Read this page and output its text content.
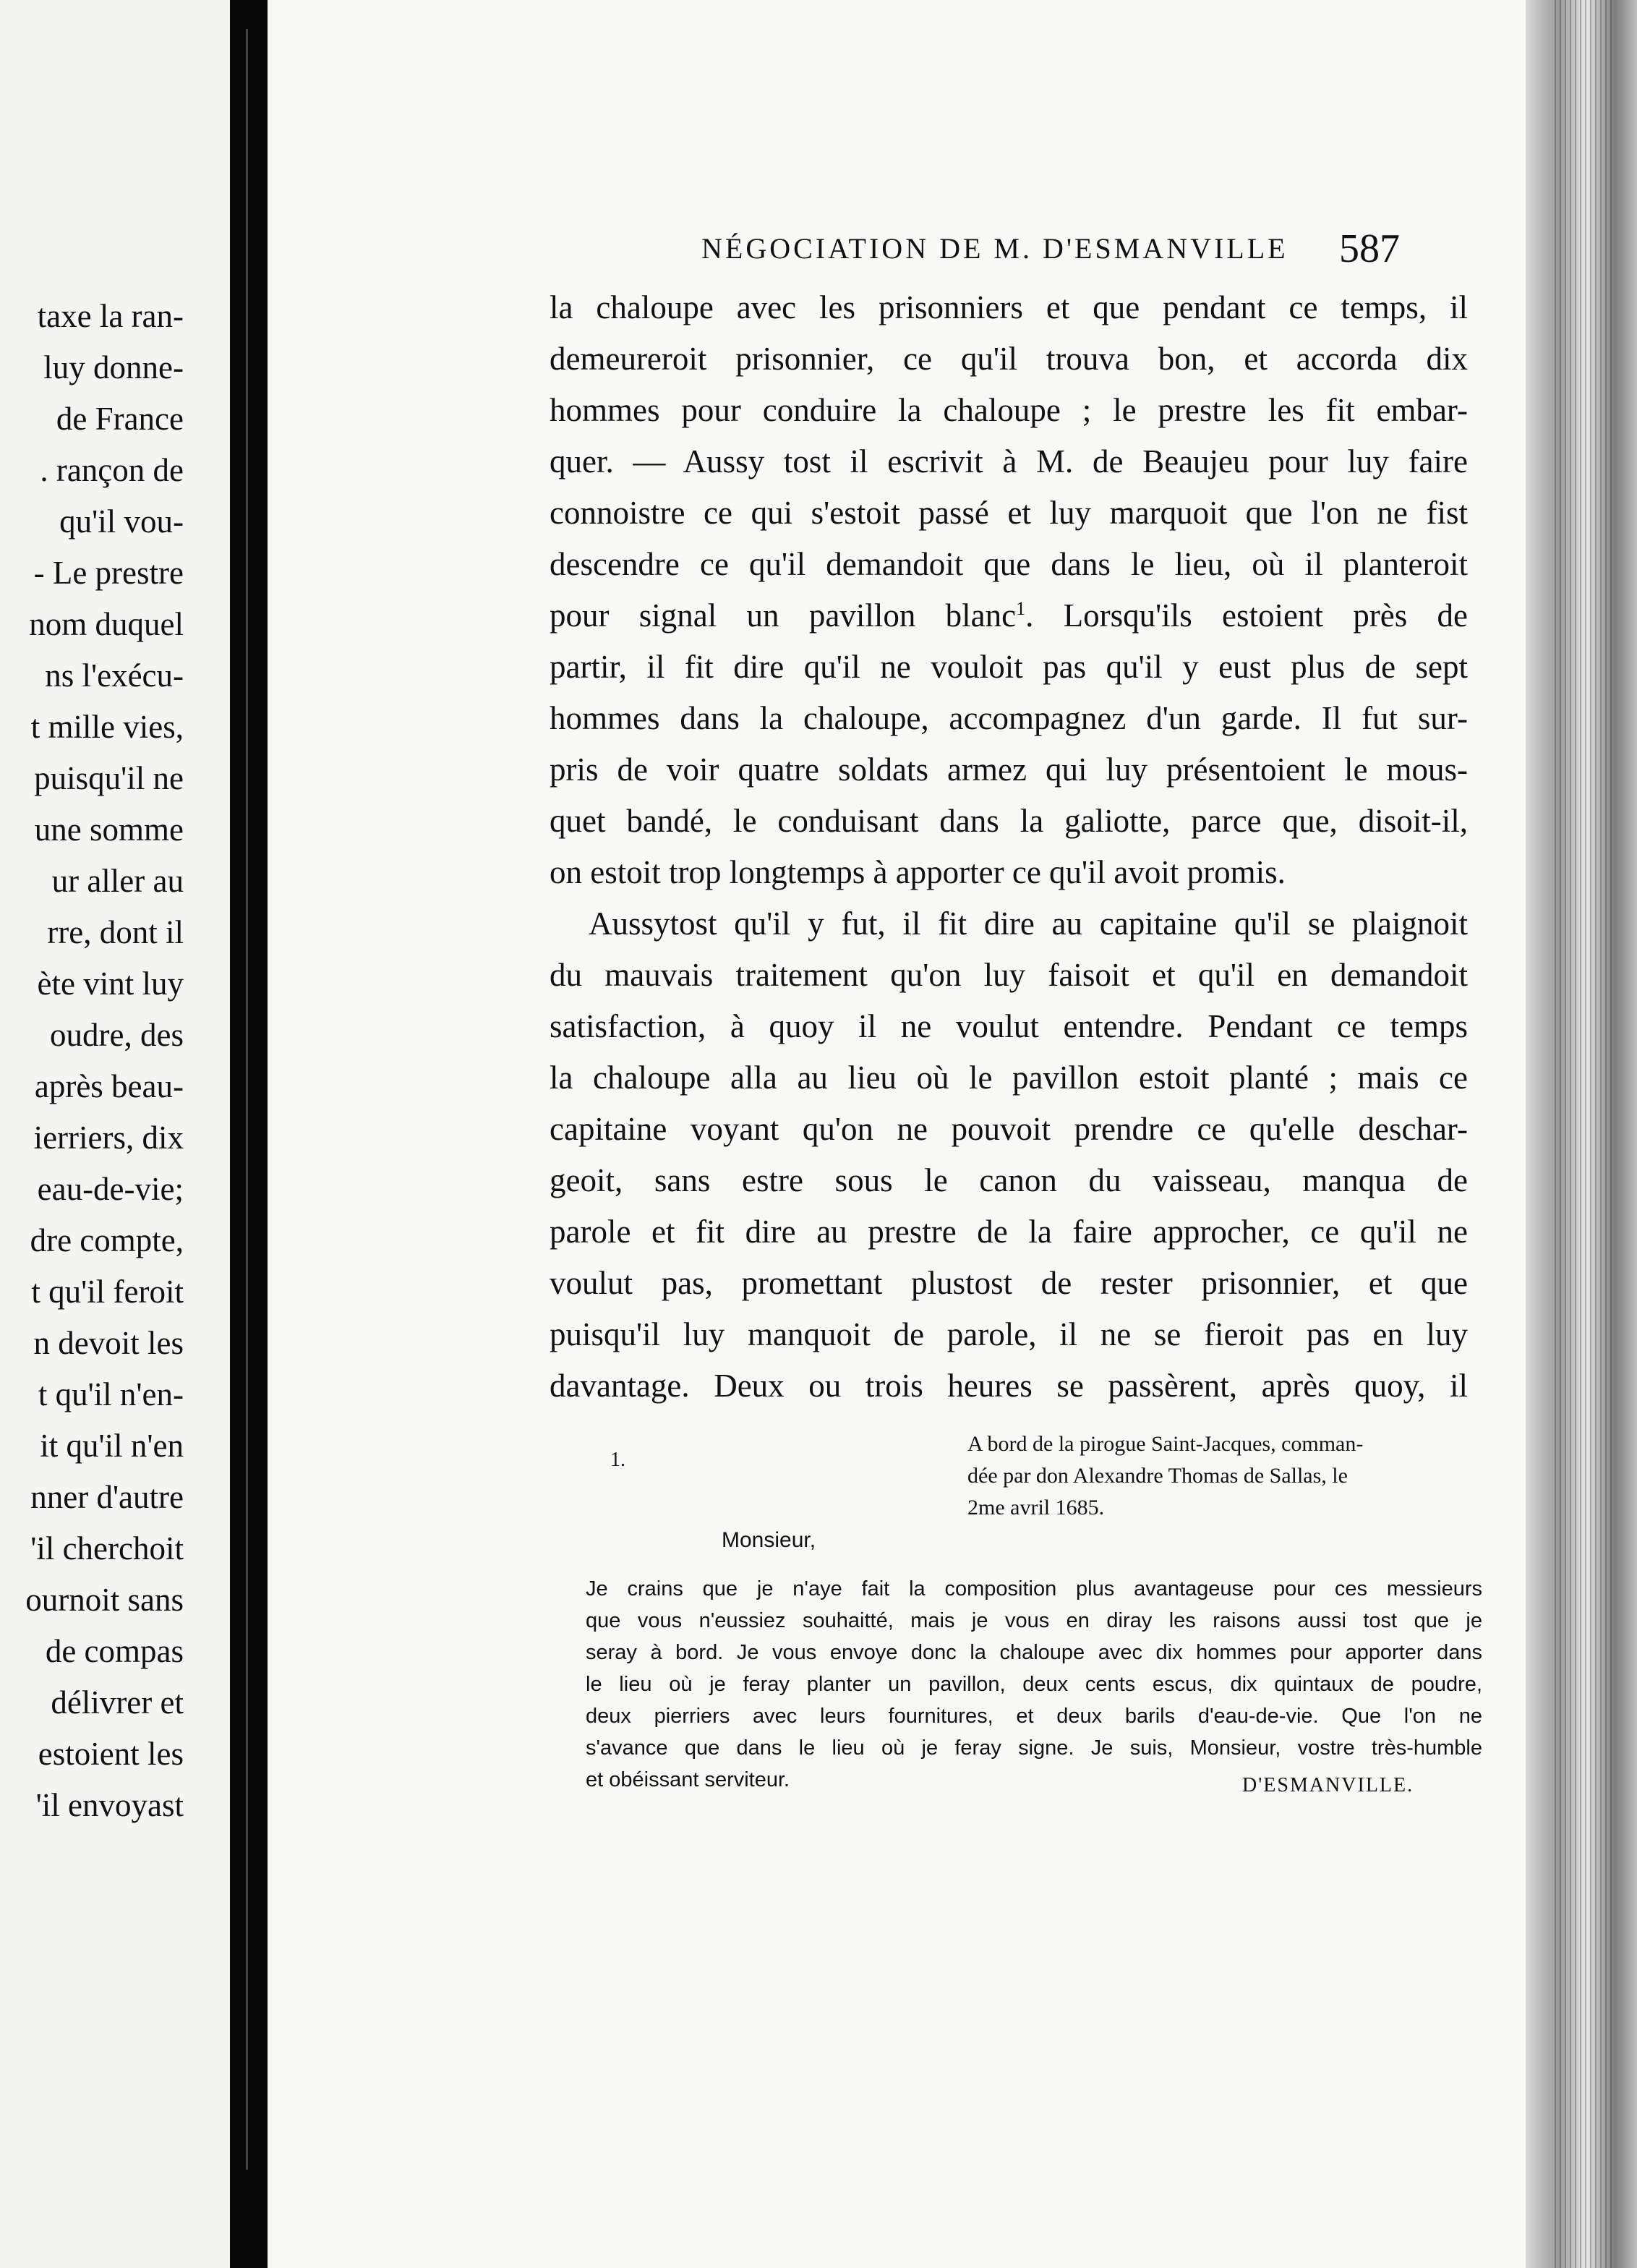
taxe la ran-
luy donne-
de France
. rançon de
qu'il vou-
- Le prestre
nom duquel
ns l'exécu-
t mille vies,
puisqu'il ne
une somme
ur aller au
rre, dont il
ète vint luy
oudre, des
après beau-
ierriers, dix
eau-de-vie;
dre compte,
t qu'il feroit
n devoit les
t qu'il n'en-
it qu'il n'en
nner d'autre
'il cherchoit
ournoit sans
de compas
délivrer et
estoient les
'il envoyast
NÉGOCIATION DE M. D'ESMANVILLE 587
la chaloupe avec les prisonniers et que pendant ce temps, il
demeureroit prisonnier, ce qu'il trouva bon, et accorda dix
hommes pour conduire la chaloupe ; le prestre les fit embar-
quer. — Aussy tost il escrivit à M. de Beaujeu pour luy faire
connoistre ce qui s'estoit passé et luy marquoit que l'on ne fist
descendre ce qu'il demandoit que dans le lieu, où il planteroit
pour signal un pavillon blanc$^1$. Lorsqu'ils estoient près de
partir, il fit dire qu'il ne vouloit pas qu'il y eust plus de sept
hommes dans la chaloupe, accompagnez d'un garde. Il fut sur-
pris de voir quatre soldats armez qui luy présentoient le mous-
quet bandé, le conduisant dans la galiotte, parce que, disoit-il,
on estoit trop longtemps à apporter ce qu'il avoit promis.
Aussytost qu'il y fut, il fit dire au capitaine qu'il se plaignoit
du mauvais traitement qu'on luy faisoit et qu'il en demandoit
satisfaction, à quoy il ne voulut entendre. Pendant ce temps
la chaloupe alla au lieu où le pavillon estoit planté ; mais ce
capitaine voyant qu'on ne pouvoit prendre ce qu'elle deschar-
geoit, sans estre sous le canon du vaisseau, manqua de
parole et fit dire au prestre de la faire approcher, ce qu'il ne
voulut pas, promettant plustost de rester prisonnier, et que
puisqu'il luy manquoit de parole, il ne se fieroit pas en luy
davantage. Deux ou trois heures se passèrent, après quoy, il
1.
A bord de la pirogue Saint-Jacques, comman-
dée par don Alexandre Thomas de Sallas, le
2me avril 1685.
Monsieur,
Je crains que je n'aye fait la composition plus avantageuse pour ces messieurs
que vous n'eussiez souhaitté, mais je vous en diray les raisons aussi tost que je
seray à bord. Je vous envoye donc la chaloupe avec dix hommes pour apporter dans
le lieu où je feray planter un pavillon, deux cents escus, dix quintaux de poudre,
deux pierriers avec leurs fournitures, et deux barils d'eau-de-vie. Que l'on ne
s'avance que dans le lieu où je feray signe. Je suis, Monsieur, vostre très-humble
et obéissant serviteur.	D'ESMANVILLE.
